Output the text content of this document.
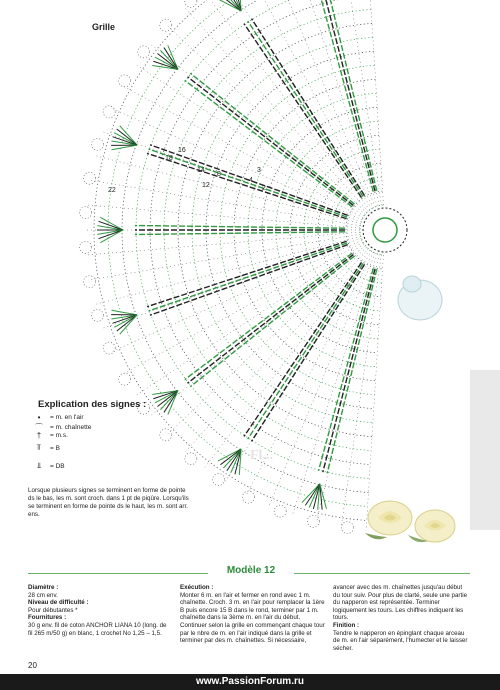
Grille
2
3
4
8
12
14
16
18
22
Fl...
Explication des signes :
•	= m. en l'air
⌒ = m. chaînette
†	= m.s.
⫪	= B
⫫	= DB
Lorsque plusieurs signes se terminent en forme de pointe ds le bas, les m. sont croch. dans 1 pt de piqûre. Lorsqu'ils se terminent en forme de pointe ds le haut, les m. sont arr. ens.
Modèle 12
Diamètre :
28 cm env.
Niveau de difficulté :
Pour débutantes *
Fournitures :
30 g env. fil de coton ANCHOR LIANA 10 (long. de fil 265 m/50 g) en blanc, 1 crochet No 1,25 – 1,5.
Exécution :
Monter 6 m. en l'air et fermer en rond avec 1 m. chaînette. Croch. 3 m. en l'air pour remplacer la 1ère B puis encore 15 B dans le rond, terminer par 1 m. chaînette dans la 3ème m. en l'air du début. Continuer selon la grille en commençant chaque tour par le nbre de m. en l'air indiqué dans la grille et terminer par des m. chaînettes. Si nécessaire,
avancer avec des m. chaînettes jusqu'au début du tour suiv. Pour plus de clarté, seule une partie du napperon est représentée. Terminer logiquement les tours. Les chiffres indiquent les tours.
Finition :
Tendre le napperon en épinglant chaque arceau de m. en l'air séparément, l'humecter et le laisser sécher.
20
www.PassionForum.ru
